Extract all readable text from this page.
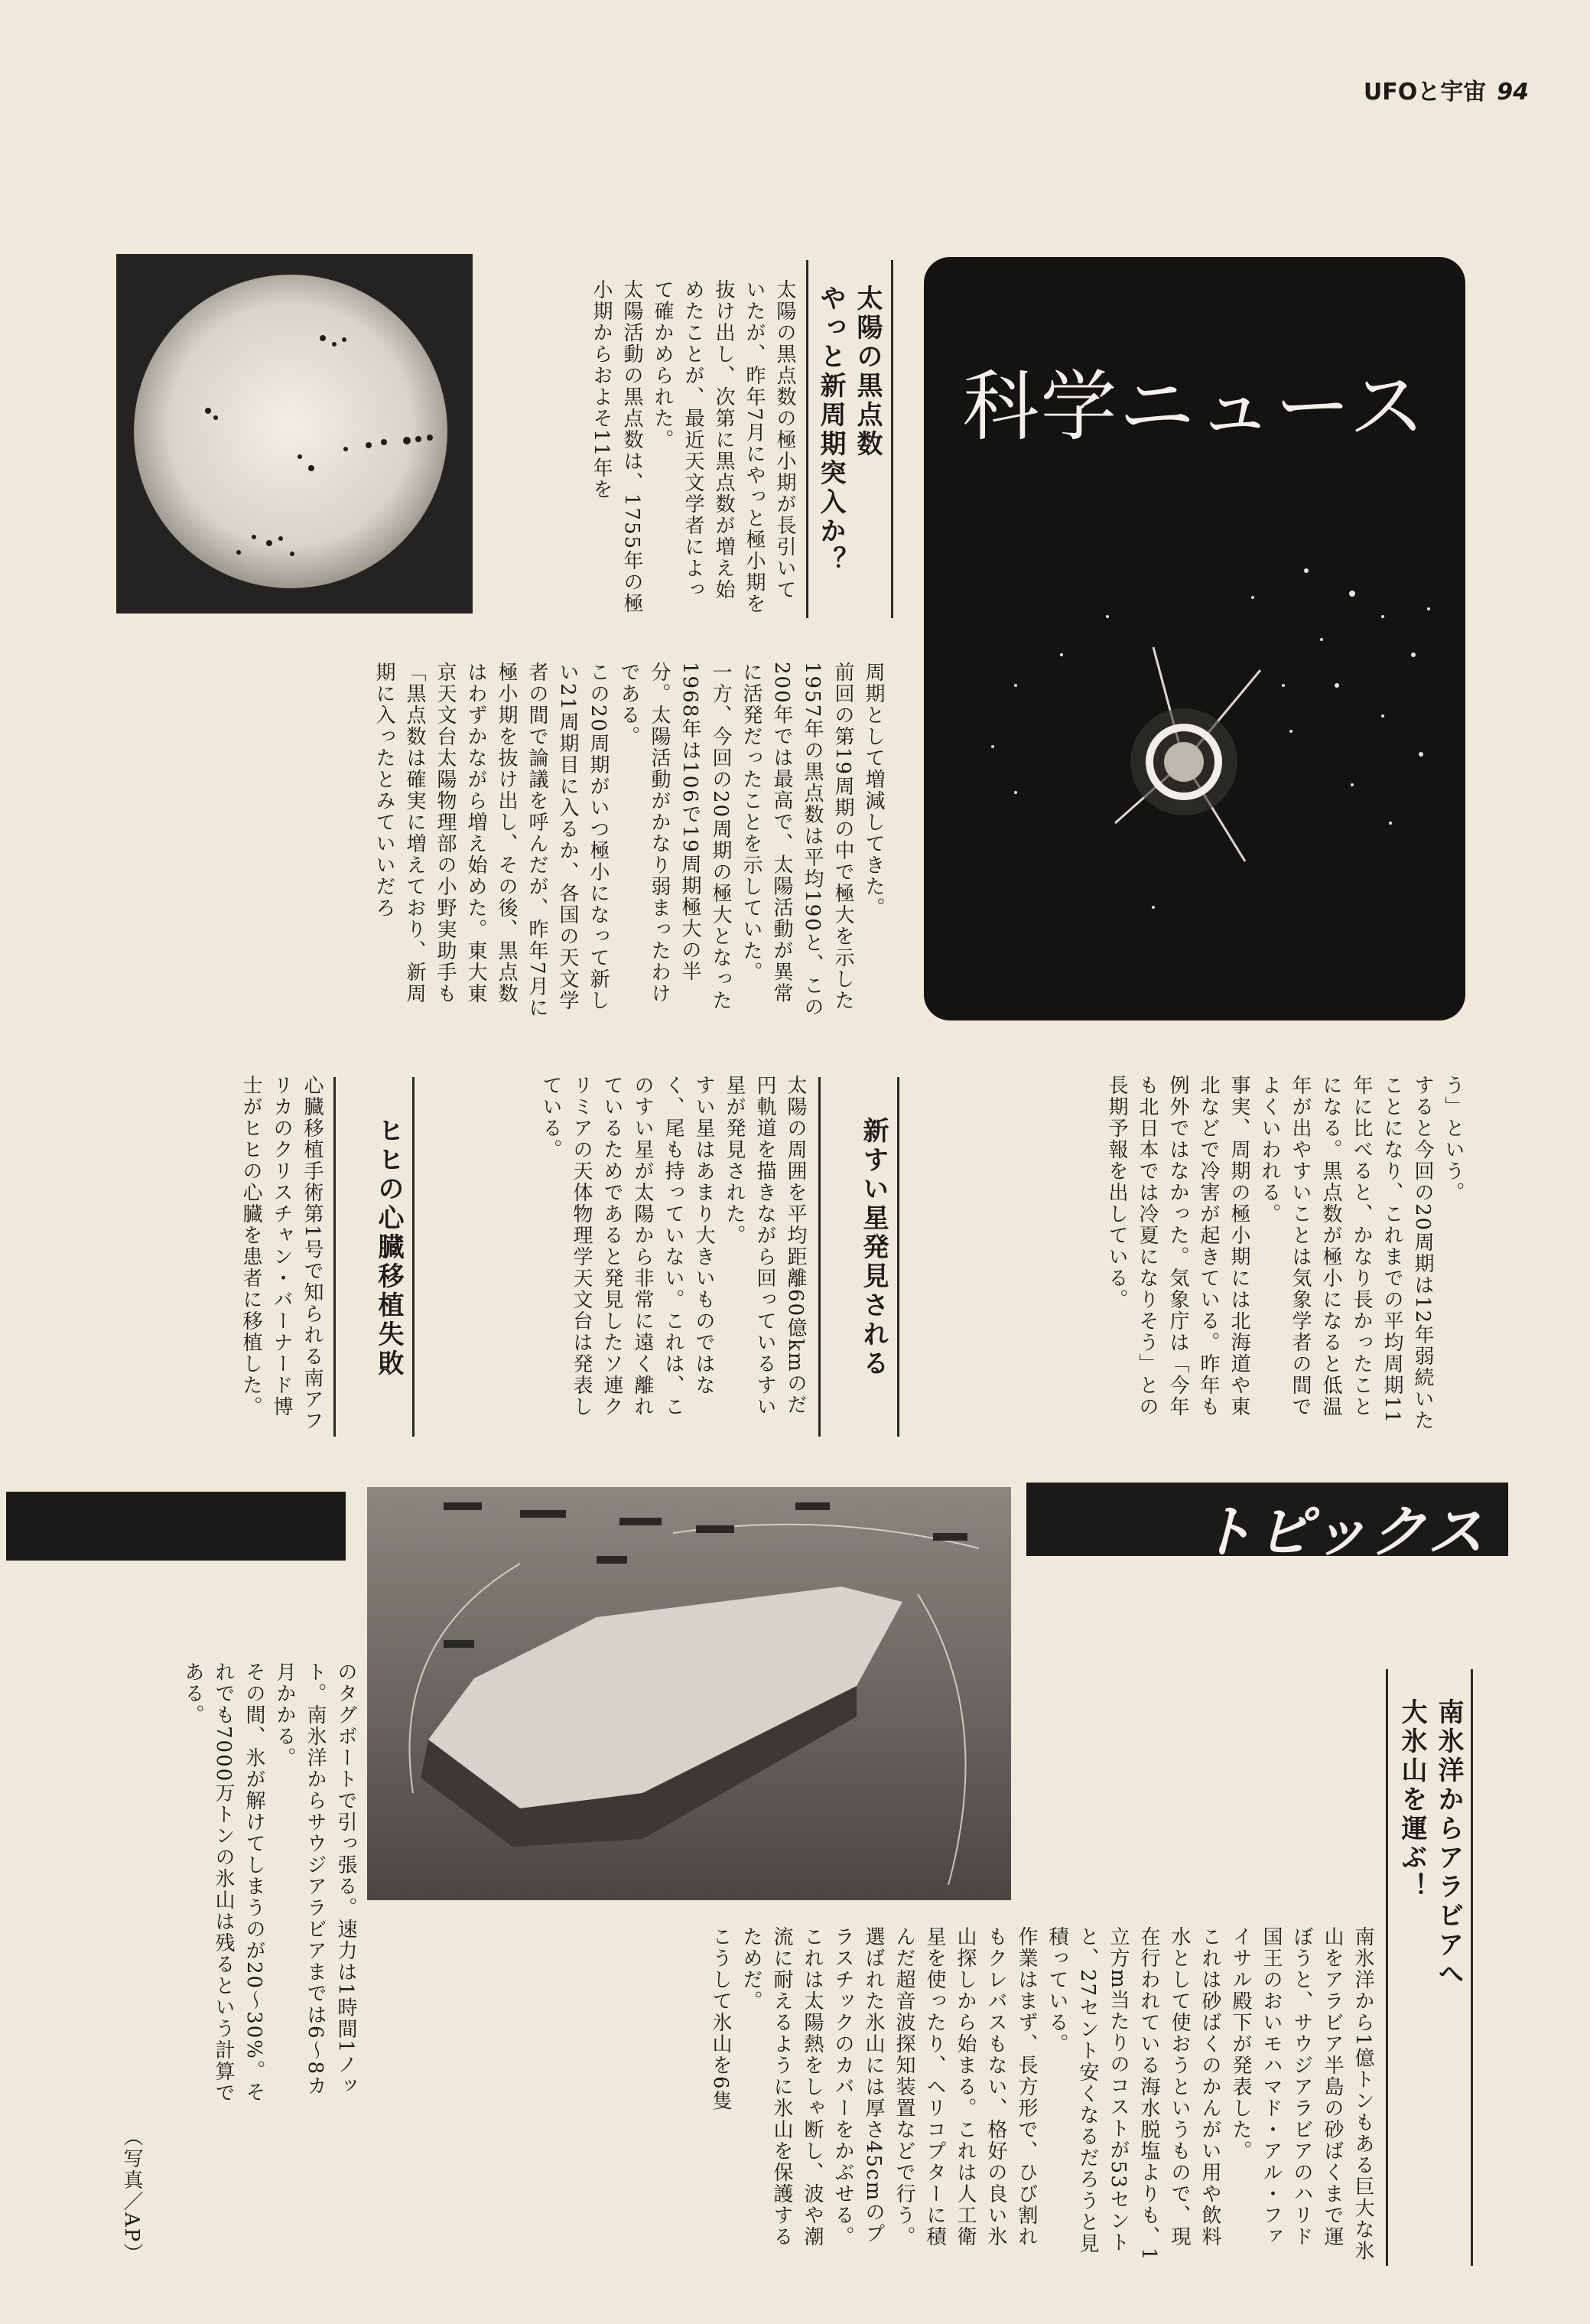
UFOと宇宙 94
太陽の黒点数
やっと新周期突入か？
太陽の黒点数の極小期が長引いていたが、昨年7月にやっと極小期を抜け出し、次第に黒点数が増え始めたことが、最近天文学者によって確かめられた。
太陽活動の黒点数は、1755年の極小期からおよそ11年を
周期として増減してきた。
前回の第19周期の中で極大を示した1957年の黒点数は平均190と、この200年では最高で、太陽活動が異常に活発だったことを示していた。
一方、今回の20周期の極大となった1968年は106で19周期極大の半分。太陽活動がかなり弱まったわけである。
この20周期がいつ極小になって新しい21周期目に入るか、各国の天文学者の間で論議を呼んだが、昨年7月に極小期を抜け出し、その後、黒点数はわずかながら増え始めた。東大東京天文台太陽物理部の小野実助手も「黒点数は確実に増えており、新周期に入ったとみていいだろ
科学ニュース
う」という。
すると今回の20周期は12年弱続いたことになり、これまでの平均周期11年に比べると、かなり長かったことになる。黒点数が極小になると低温年が出やすいことは気象学者の間でよくいわれる。
事実、周期の極小期には北海道や東北などで冷害が起きている。昨年も例外ではなかった。気象庁は「今年も北日本では冷夏になりそう」との長期予報を出している。
新すい星発見される
太陽の周囲を平均距離60億kmのだ円軌道を描きながら回っているすい星が発見された。
すい星はあまり大きいものではなく、尾も持っていない。これは、このすい星が太陽から非常に遠く離れているためであると発見したソ連クリミアの天体物理学天文台は発表している。
ヒヒの心臓移植失敗
心臓移植手術第1号で知られる南アフリカのクリスチャン・バーナード博士がヒヒの心臓を患者に移植した。
トピックス
南氷洋からアラビアへ
大氷山を運ぶ！
南氷洋から1億トンもある巨大な氷山をアラビア半島の砂ばくまで運ぼうと、サウジアラビアのハリド国王のおいモハマド・アル・ファイサル殿下が発表した。
これは砂ばくのかんがい用や飲料水として使おうというもので、現在行われている海水脱塩よりも、1立方m当たりのコストが53セントと、27セント安くなるだろうと見積っている。
作業はまず、長方形で、ひび割れもクレバスもない、格好の良い氷山探しから始まる。これは人工衛星を使ったり、ヘリコプターに積んだ超音波探知装置などで行う。選ばれた氷山には厚さ45cmのプラスチックのカバーをかぶせる。これは太陽熱をしゃ断し、波や潮流に耐えるように氷山を保護するためだ。
こうして氷山を6隻
のタグボートで引っ張る。速力は1時間1ノット。南氷洋からサウジアラビアまでは6～8カ月かかる。
その間、氷が解けてしまうのが20～30%。それでも7000万トンの氷山は残るという計算である。
（写真／AP）
